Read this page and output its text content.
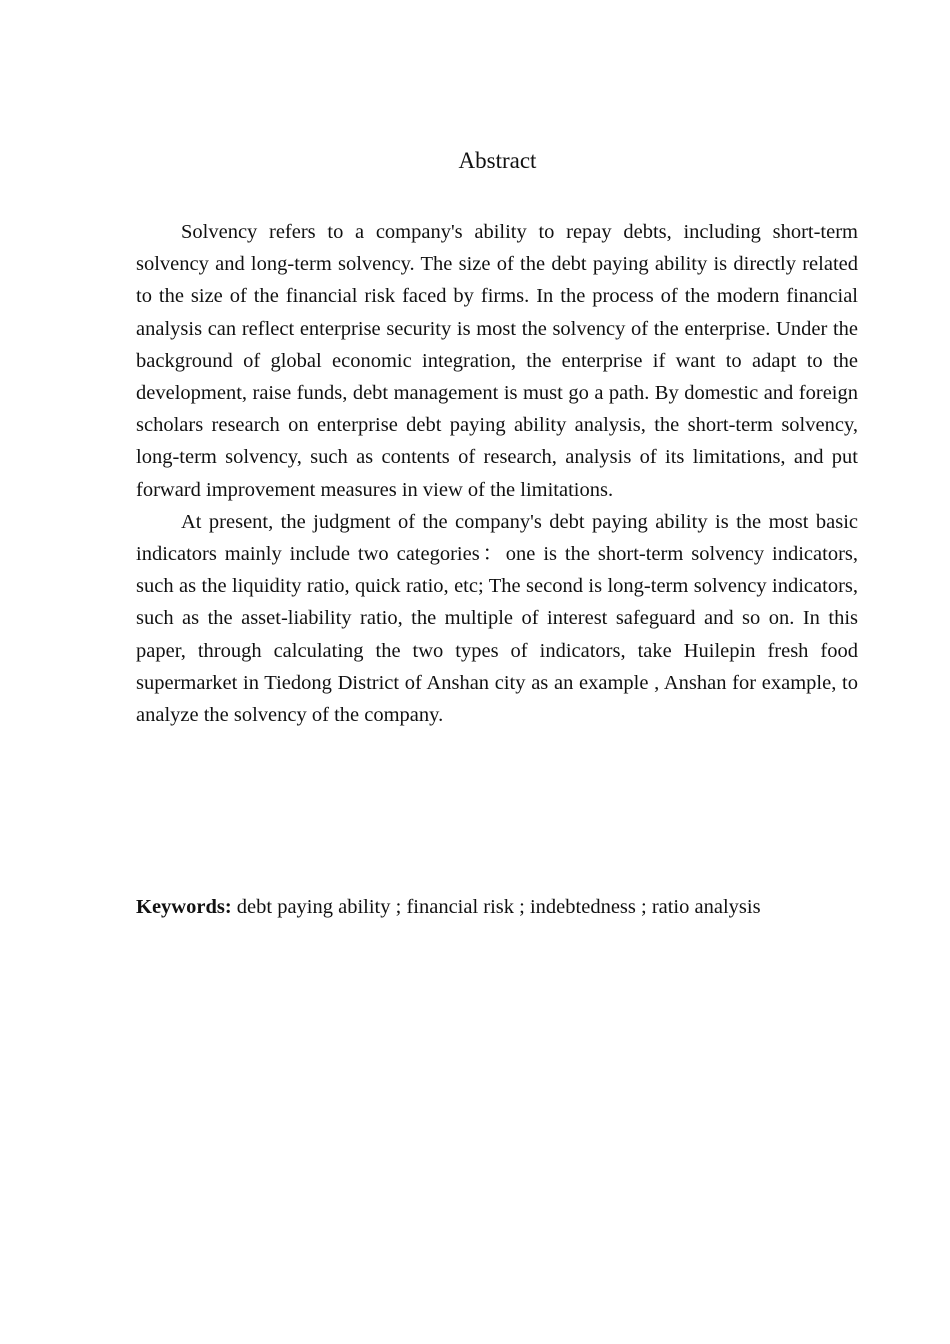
Abstract

Solvency refers to a company's ability to repay debts, including short-term solvency and long-term solvency. The size of the debt paying ability is directly related to the size of the financial risk faced by firms. In the process of the modern financial analysis can reflect enterprise security is most the solvency of the enterprise. Under the background of global economic integration, the enterprise if want to adapt to the development, raise funds, debt management is must go a path. By domestic and foreign scholars research on enterprise debt paying ability analysis, the short-term solvency, long-term solvency, such as contents of research, analysis of its limitations, and put forward improvement measures in view of the limitations.

At present, the judgment of the company's debt paying ability is the most basic indicators mainly include two categories：one is the short-term solvency indicators, such as the liquidity ratio, quick ratio, etc; The second is long-term solvency indicators, such as the asset-liability ratio, the multiple of interest safeguard and so on. In this paper, through calculating the two types of indicators, take Huilepin fresh food supermarket in Tiedong District of Anshan city as an example , Anshan for example, to analyze the solvency of the company.

Keywords: debt paying ability ; financial risk ; indebtedness ; ratio analysis
